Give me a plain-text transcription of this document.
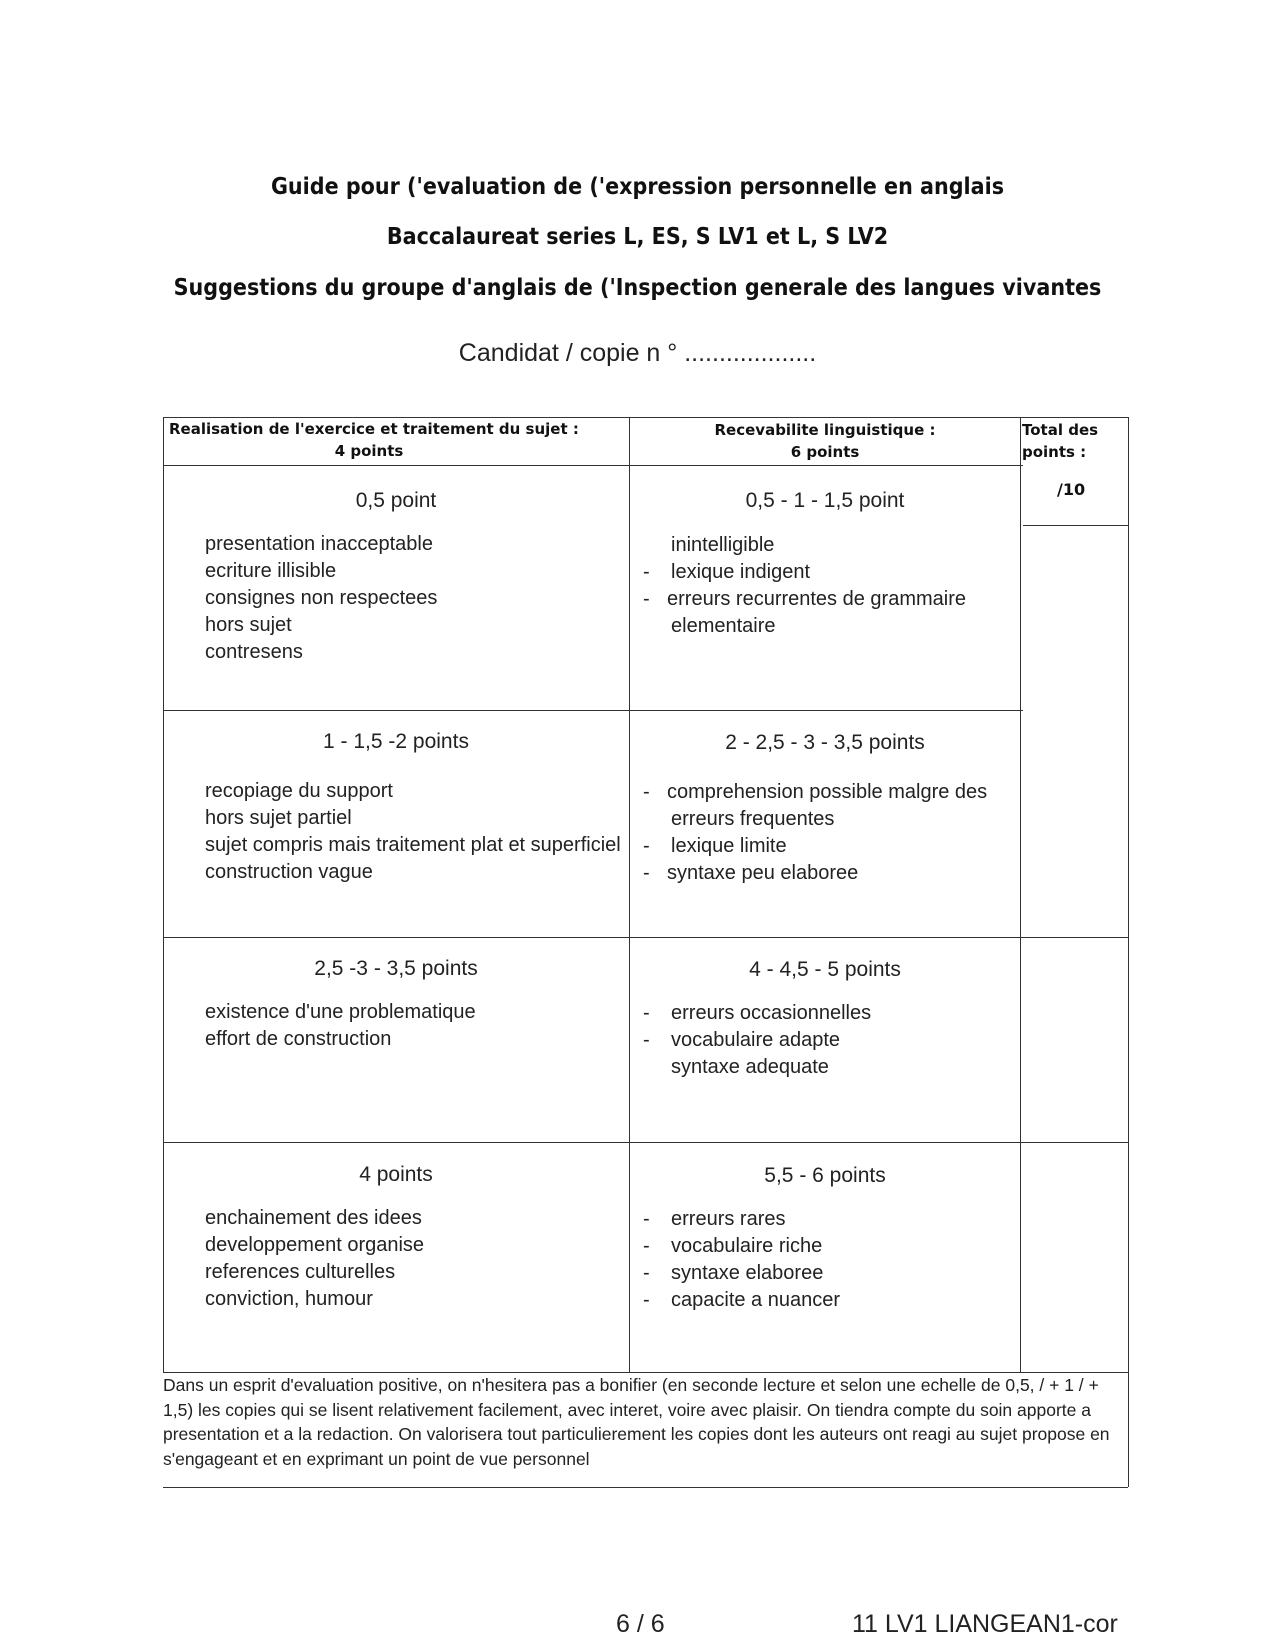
Guide pour ('evaluation de ('expression personnelle en anglais
Baccalaureat series L, ES, S LV1 et L, S LV2
Suggestions du groupe d'anglais de ('Inspection generale des langues vivantes
Candidat / copie n ° ...................
Realisation de l'exercice et traitement du sujet :
4 points
Recevabilite linguistique :
6 points
Total des
points :
/10
0,5 point
presentation inacceptable
ecriture illisible
consignes non respectees
hors sujet
contresens
0,5 - 1 - 1,5 point
inintelligible
- lexique indigent
- erreurs recurrentes de grammaire
elementaire
1 - 1,5 -2 points
recopiage du support
hors sujet partiel
sujet compris mais traitement plat et superficiel
construction vague
2 - 2,5 - 3 - 3,5 points
- comprehension possible malgre des
erreurs frequentes
- lexique limite
- syntaxe peu elaboree
2,5 -3 - 3,5 points
existence d'une problematique
effort de construction
4 - 4,5 - 5 points
- erreurs occasionnelles
- vocabulaire adapte
syntaxe adequate
4 points
enchainement des idees
developpement organise
references culturelles
conviction, humour
5,5 - 6 points
- erreurs rares
- vocabulaire riche
- syntaxe elaboree
- capacite a nuancer
Dans un esprit d'evaluation positive, on n'hesitera pas a bonifier (en seconde lecture et selon une echelle de 0,5, / + 1 / + 1,5) les copies qui se lisent relativement facilement, avec interet, voire avec plaisir. On tiendra compte du soin apporte a presentation et a la redaction. On valorisera tout particulierement les copies dont les auteurs ont reagi au sujet propose en s'engageant et en exprimant un point de vue personnel
6 / 6	11 LV1 LIANGEAN1-cor
